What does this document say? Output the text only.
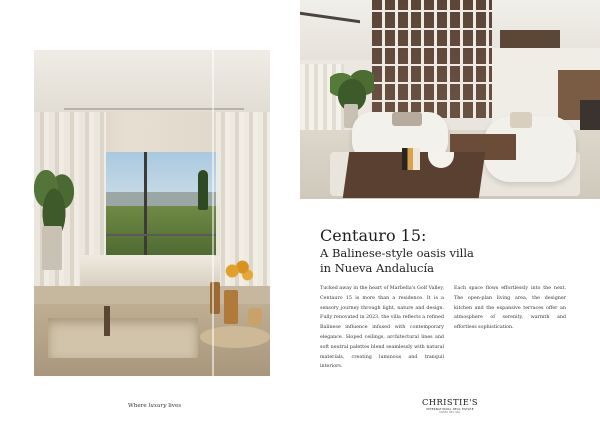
Centauro 15:
A Balinese-style oasis villa
in Nueva Andalucía

Tucked away in the heart of Marbella's Golf Valley, Centauro 15 is more than a residence. It is a sensory journey through light, nature and design. Fully renovated in 2023, the villa reflects a refined Balinese influence infused with contemporary elegance. Sloped ceilings, architectural lines and soft neutral palettes blend seamlessly with natural materials, creating luminous and tranquil interiors.

Each space flows effortlessly into the next. The open-plan living area, the designer kitchen and the expansive terraces offer an atmosphere of serenity, warmth and effortless sophistication.

Where luxury lives	CHRISTIE'S
INTERNATIONAL REAL ESTATE
COSTA DEL SOL
